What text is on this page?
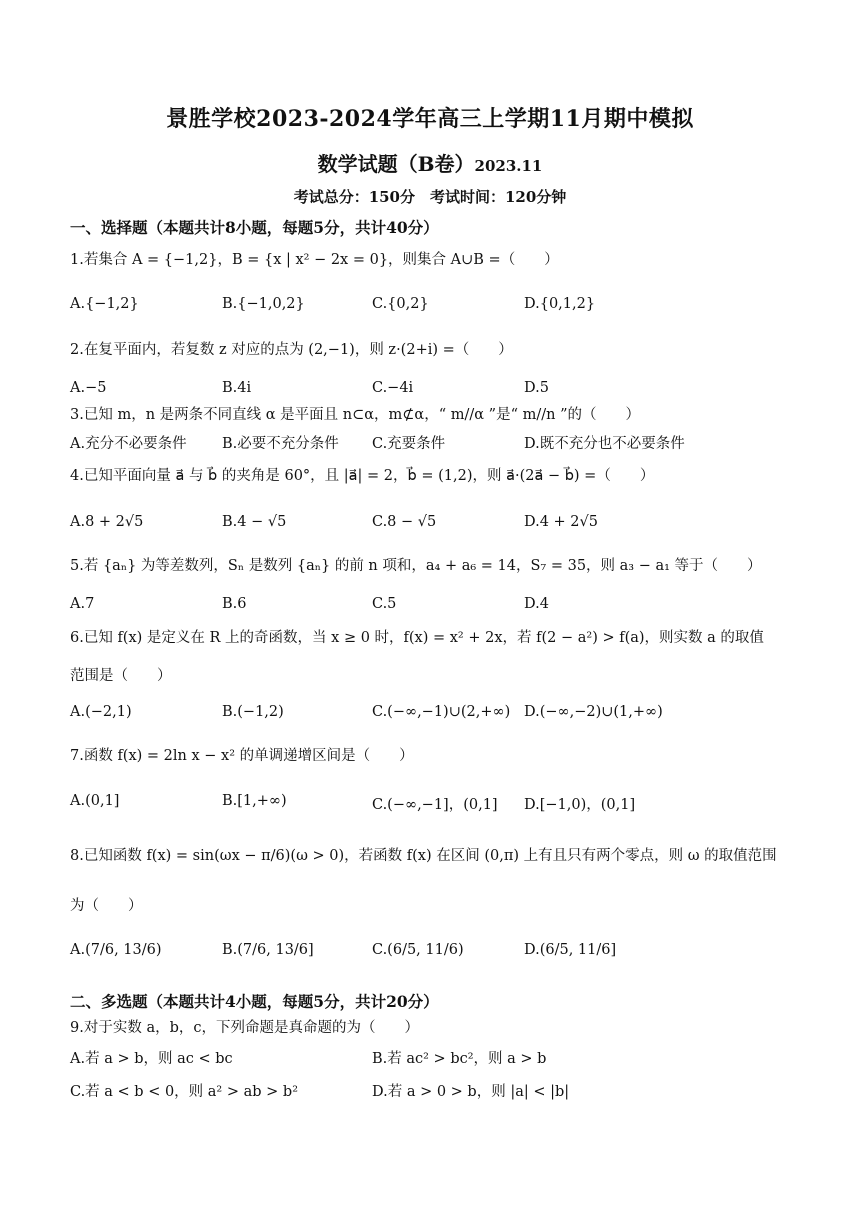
景胜学校2023-2024学年高三上学期11月期中模拟
数学试题（B卷）2023.11
考试总分：150分　考试时间：120分钟
一、选择题（本题共计8小题，每题5分，共计40分）
1.若集合 A = {−1,2}，B = {x | x² − 2x = 0}，则集合 A∪B =（　　）
A.{−1,2}	B.{−1,0,2}	C.{0,2}	D.{0,1,2}
2.在复平面内，若复数 z 对应的点为 (2,−1)，则 z·(2+i) =（　　）
A.−5	B.4i	C.−4i	D.5
3.已知 m，n 是两条不同直线 α 是平面且 n⊂α，m⊄α，“ m//α ”是“ m//n ”的（　　）
A.充分不必要条件 B.必要不充分条件 C.充要条件	D.既不充分也不必要条件
4.已知平面向量 a⃗ 与 b⃗ 的夹角是 60°，且 |a⃗| = 2，b⃗ = (1,2)，则 a⃗·(2a⃗ − b⃗) =（　　）
A.8 + 2√5	B.4 − √5	C.8 − √5	D.4 + 2√5
5.若 {aₙ} 为等差数列，Sₙ 是数列 {aₙ} 的前 n 项和，a₄ + a₆ = 14，S₇ = 35，则 a₃ − a₁ 等于（　　）
A.7	B.6	C.5	D.4
6.已知 f(x) 是定义在 R 上的奇函数，当 x ≥ 0 时，f(x) = x² + 2x，若 f(2 − a²) > f(a)，则实数 a 的取值
范围是（　　）
A.(−2,1)	B.(−1,2)	C.(−∞,−1)∪(2,+∞) D.(−∞,−2)∪(1,+∞)
7.函数 f(x) = 2ln x − x² 的单调递增区间是（　　）
A.(0,1]	B.[1,+∞)	C.(−∞,−1]，(0,1] D.[−1,0)，(0,1]
8.已知函数 f(x) = sin(ωx − π/6)(ω > 0)，若函数 f(x) 在区间 (0,π) 上有且只有两个零点，则 ω 的取值范围
为（　　）
A.(7/6, 13/6)	B.(7/6, 13/6]	C.(6/5, 11/6)	D.(6/5, 11/6]
二、多选题（本题共计4小题，每题5分，共计20分）
9.对于实数 a，b，c，下列命题是真命题的为（　　）
A.若 a > b，则 ac < bc	B.若 ac² > bc²，则 a > b
C.若 a < b < 0，则 a² > ab > b²	D.若 a > 0 > b，则 |a| < |b|
